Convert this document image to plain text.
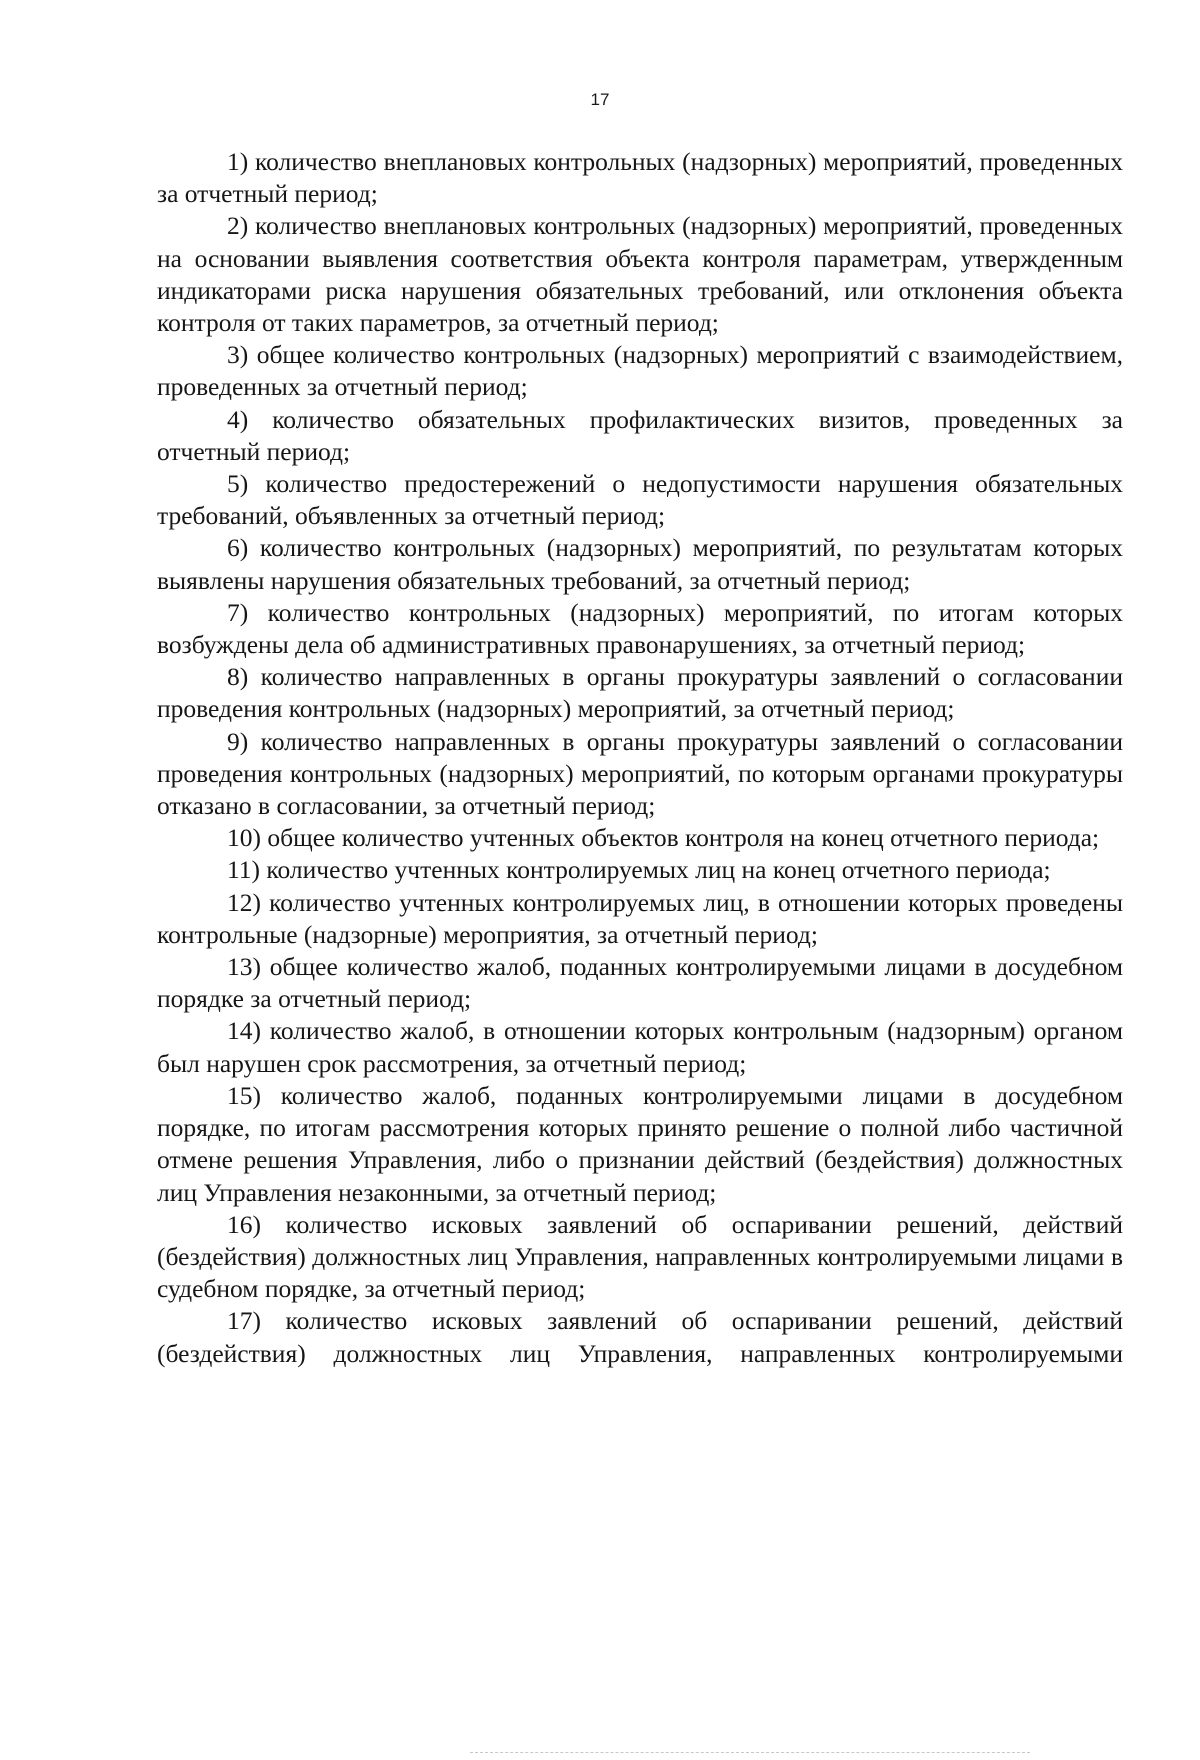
17

1) количество внеплановых контрольных (надзорных) мероприятий, проведенных за отчетный период;

2) количество внеплановых контрольных (надзорных) мероприятий, проведенных на основании выявления соответствия объекта контроля параметрам, утвержденным индикаторами риска нарушения обязательных требований, или отклонения объекта контроля от таких параметров, за отчетный период;

3) общее количество контрольных (надзорных) мероприятий с взаимодействием, проведенных за отчетный период;

4) количество обязательных профилактических визитов, проведенных за отчетный период;

5) количество предостережений о недопустимости нарушения обязательных требований, объявленных за отчетный период;

6) количество контрольных (надзорных) мероприятий, по результатам которых выявлены нарушения обязательных требований, за отчетный период;

7) количество контрольных (надзорных) мероприятий, по итогам которых возбуждены дела об административных правонарушениях, за отчетный период;

8) количество направленных в органы прокуратуры заявлений о согласовании проведения контрольных (надзорных) мероприятий, за отчетный период;

9) количество направленных в органы прокуратуры заявлений о согласовании проведения контрольных (надзорных) мероприятий, по которым органами прокуратуры отказано в согласовании, за отчетный период;

10) общее количество учтенных объектов контроля на конец отчетного периода;

11) количество учтенных контролируемых лиц на конец отчетного периода;

12) количество учтенных контролируемых лиц, в отношении которых проведены контрольные (надзорные) мероприятия, за отчетный период;

13) общее количество жалоб, поданных контролируемыми лицами в досудебном порядке за отчетный период;

14) количество жалоб, в отношении которых контрольным (надзорным) органом был нарушен срок рассмотрения, за отчетный период;

15) количество жалоб, поданных контролируемыми лицами в досудебном порядке, по итогам рассмотрения которых принято решение о полной либо частичной отмене решения Управления, либо о признании действий (бездействия) должностных лиц Управления незаконными, за отчетный период;

16) количество исковых заявлений об оспаривании решений, действий (бездействия) должностных лиц Управления, направленных контролируемыми лицами в судебном порядке, за отчетный период;

17) количество исковых заявлений об оспаривании решений, действий (бездействия) должностных лиц Управления, направленных контролируемыми
